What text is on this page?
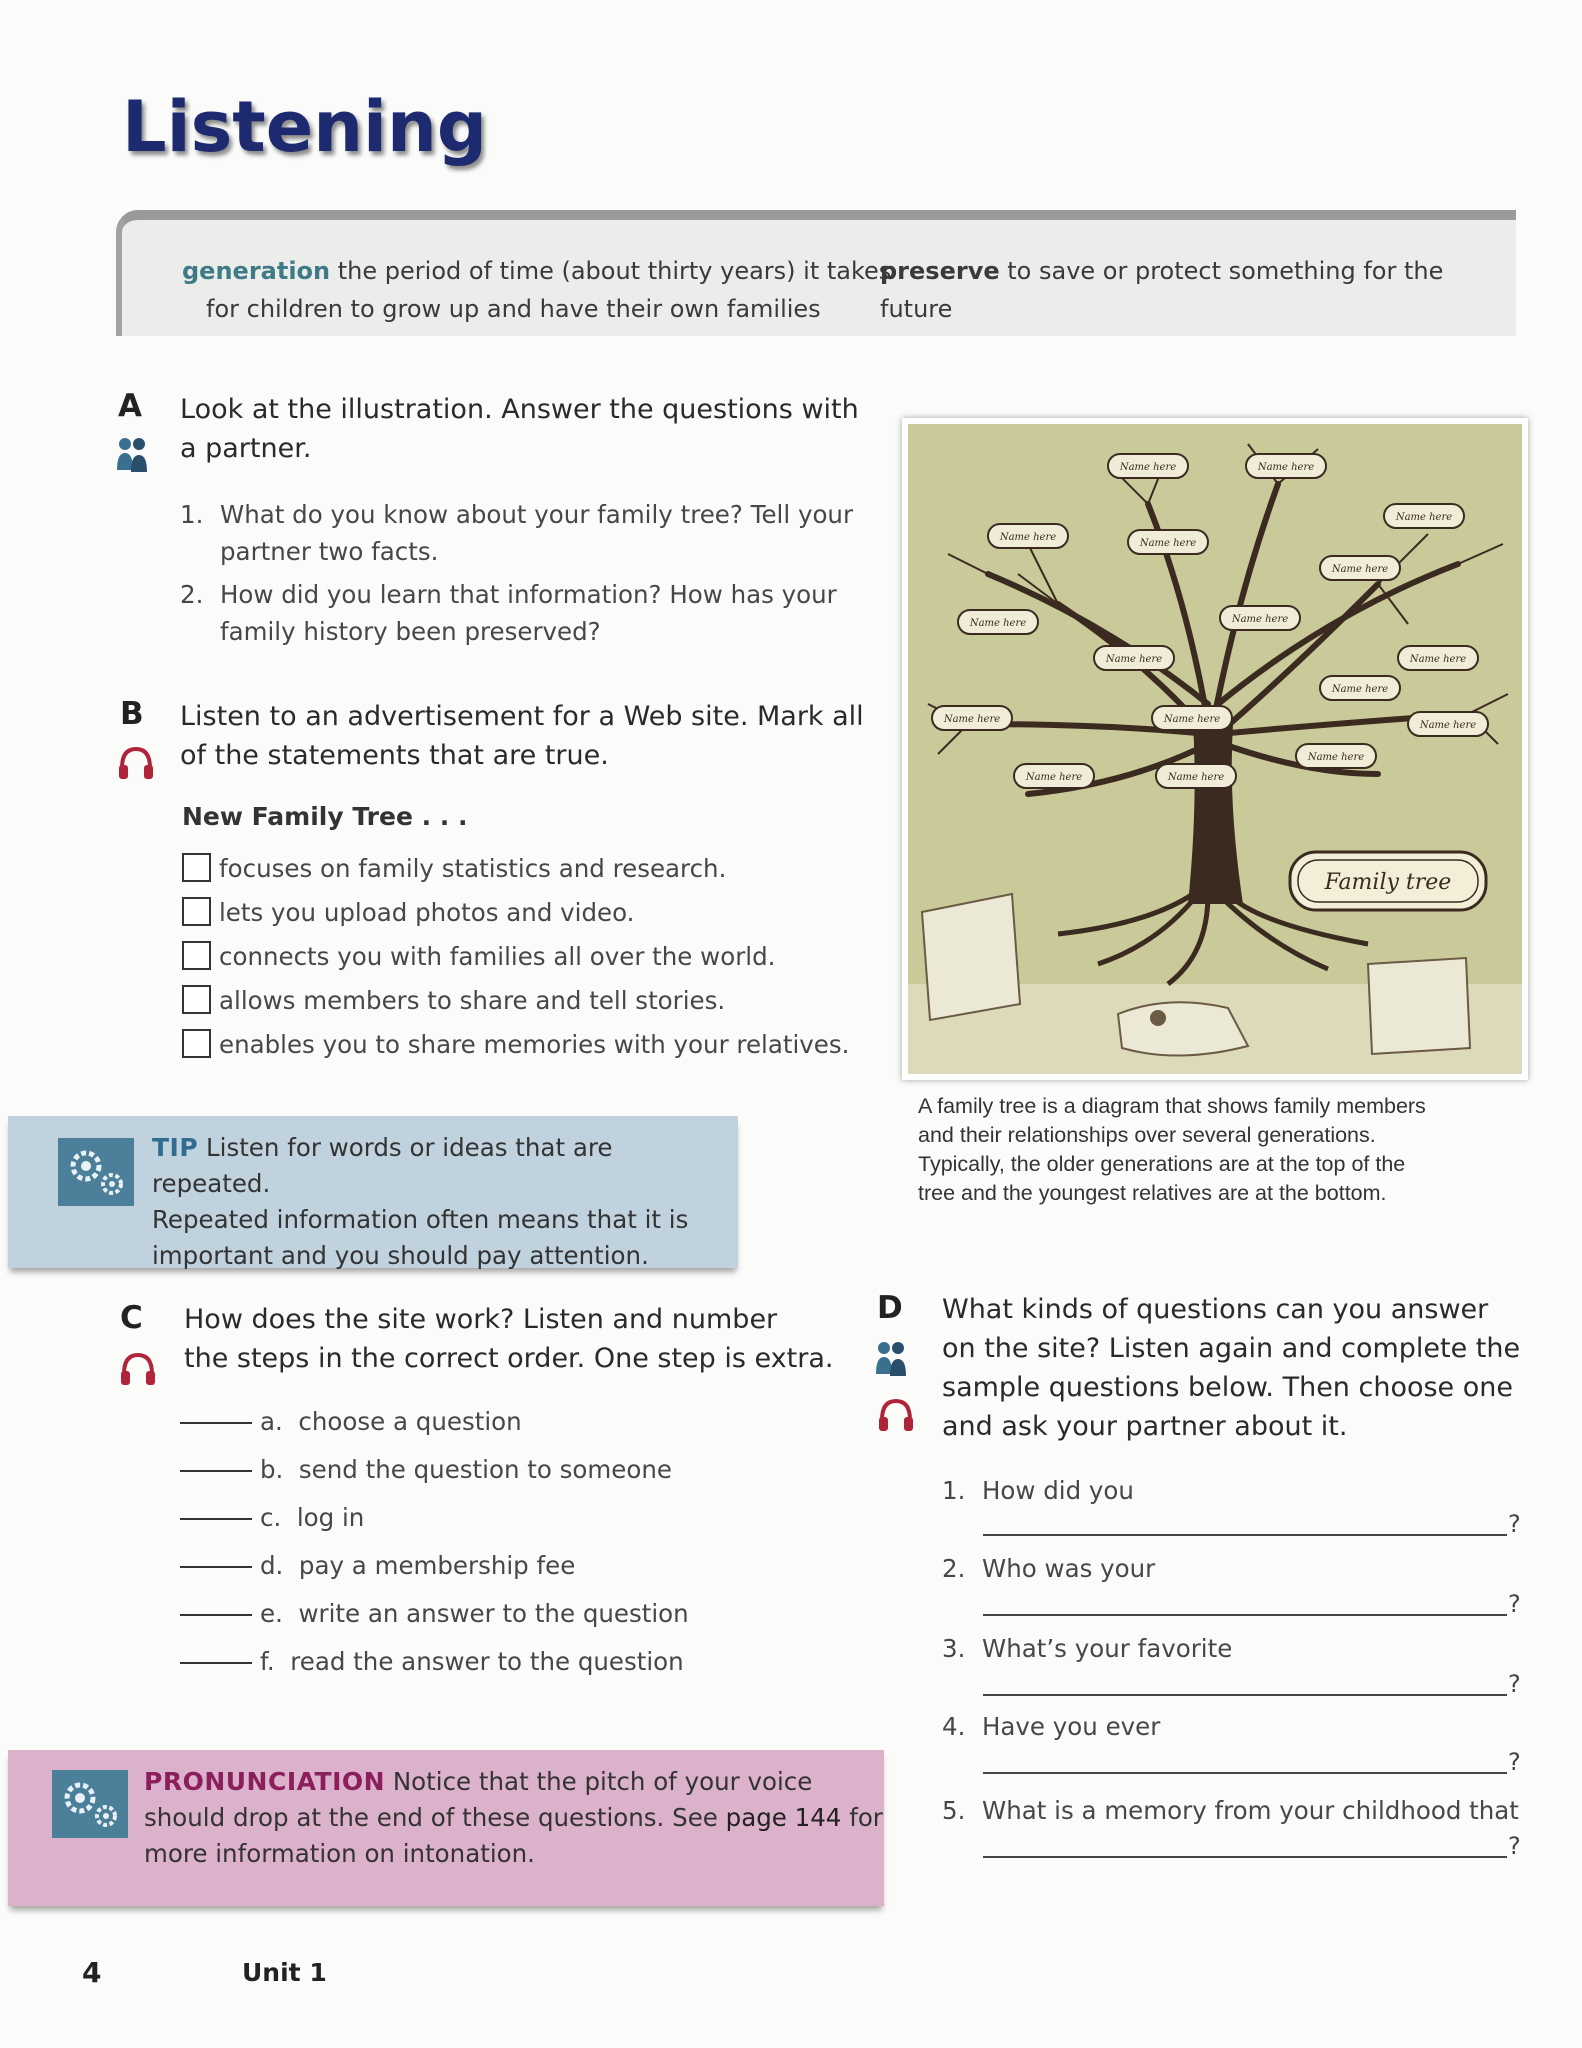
Listening
generation the period of time (about thirty years) it takes
for children to grow up and have their own families
preserve to save or protect something for the future
A Look at the illustration. Answer the questions with
a partner.
1. What do you know about your family tree? Tell your
partner two facts.
2. How did you learn that information? How has your
family history been preserved?
B Listen to an advertisement for a Web site. Mark all
of the statements that are true.
New Family Tree . . .
focuses on family statistics and research.
lets you upload photos and video.
connects you with families all over the world.
allows members to share and tell stories.
enables you to share memories with your relatives.
TIP Listen for words or ideas that are repeated.
Repeated information often means that it is
important and you should pay attention.
Name here	Name here
Name here
Name here
Name here
Name here
Name here
Name here
Name here	Name here
Name here
Name here	Name here
Name here
Name here
Name here	Name here
Family tree
A family tree is a diagram that shows family members
and their relationships over several generations.
Typically, the older generations are at the top of the
tree and the youngest relatives are at the bottom.
C How does the site work? Listen and number
the steps in the correct order. One step is extra.
a. choose a question
b. send the question to someone
c. log in
d. pay a membership fee
e. write an answer to the question
f. read the answer to the question
PRONUNCIATION Notice that the pitch of your voice
should drop at the end of these questions. See page 144 for
more information on intonation.
D What kinds of questions can you answer
on the site? Listen again and complete the
sample questions below. Then choose one
and ask your partner about it.
1. How did you
?
2. Who was your
?
3. What’s your favorite
?
4. Have you ever
?
5. What is a memory from your childhood that
?
4	Unit 1
